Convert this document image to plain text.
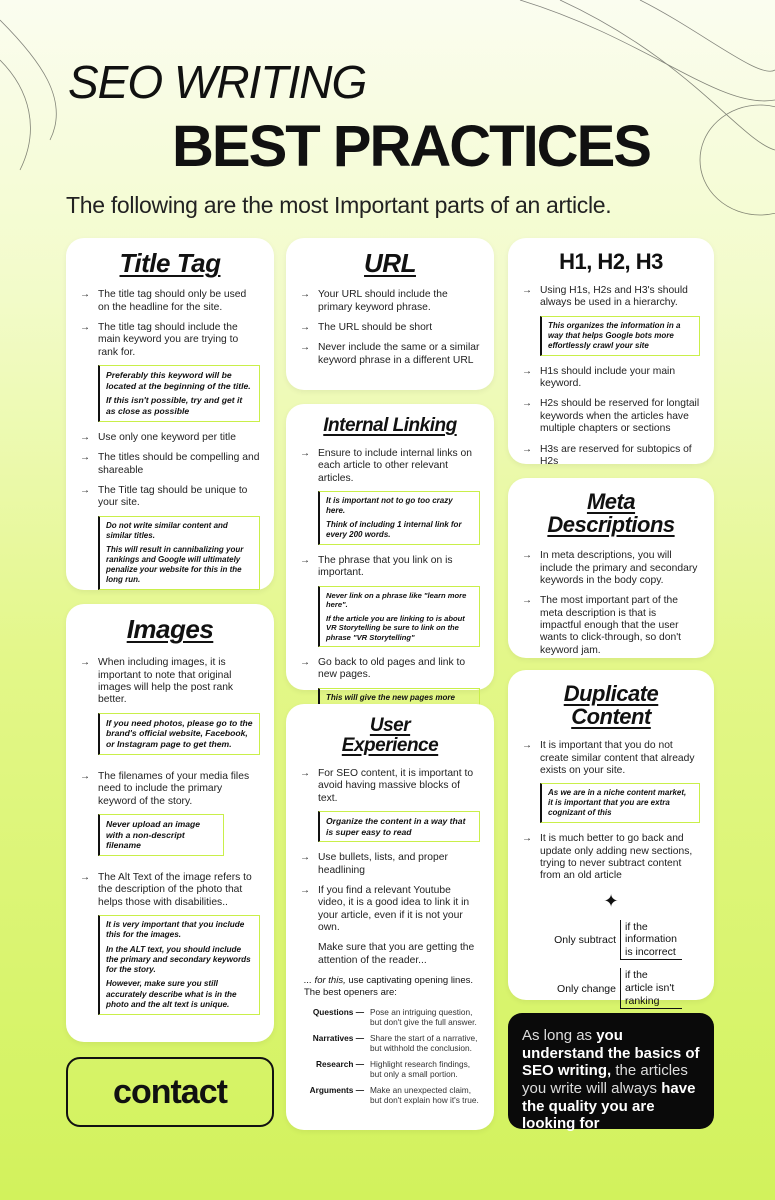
SEO WRITING
BEST PRACTICES
The following are the most Important parts of an article.
Title Tag
→ The title tag should only be used on the headline for the site.
→ The title tag should include the main keyword you are trying to rank for.

Preferably this keyword will be located at the beginning of the title.

If this isn't possible, try and get it as close as possible

→ Use only one keyword per title
→ The titles should be compelling and shareable
→ The Title tag should be unique to your site.

Do not write similar content and similar titles.

This will result in cannibalizing your rankings and Google will ultimately penalize your website for this in the long run.

URL
→ Your URL should include the primary keyword phrase.
→ The URL should be short
→ Never include the same or a similar keyword phrase in a different URL
H1, H2, H3
→ Using H1s, H2s and H3's should always be used in a hierarchy.
This organizes the information in a way that helps Google bots more effortlessly crawl your site
→ H1s should include your main keyword.
→ H2s should be reserved for longtail keywords when the articles have multiple chapters or sections
→ H3s are reserved for subtopics of H2s
Internal Linking
→ Ensure to include internal links on each article to other relevant articles.

It is important not to go too crazy here.

Think of including 1 internal link for every 200 words.

→ The phrase that you link on is important.

Never link on a phrase like "learn more here".

If the article you are linking to is about VR Storytelling be sure to link on the phrase "VR Storytelling"

→ Go back to old pages and link to new pages.
This will give the new pages more
Meta
Descriptions
→ In meta descriptions, you will include the primary and secondary keywords in the body copy.
→ The most important part of the meta description is that is impactful enough that the user wants to click-through, so don't keyword jam.
Images
→ When including images, it is important to note that original images will help the post rank better.
If you need photos, please go to the brand's official website, Facebook, or Instagram page to get them.
→ The filenames of your media files need to include the primary keyword of the story.
Never upload an image with a non-descript filename
→ The Alt Text of the image refers to the description of the photo that helps those with disabilities..

It is very important that you include this for the images.

In the ALT text, you should include the primary and secondary keywords for the story.

However, make sure you still accurately describe what is in the photo and the alt text is unique.

User
Experience
→ For SEO content, it is important to avoid having massive blocks of text.
Organize the content in a way that is super easy to read
→ Use bullets, lists, and proper headlining
→ If you find a relevant Youtube video, it is a good idea to link it in your article, even if it is not your own.
Make sure that you are getting the attention of the reader...
... for this, use captivating opening lines. The best openers are:
Questions — Pose an intriguing question, but don't give the full answer.
Narratives — Share the start of a narrative, but withhold the conclusion.
Research — Highlight research findings, but only a small portion.
Arguments — Make an unexpected claim, but don't explain how it's true.
Duplicate
Content
→ It is important that you do not create similar content that already exists on your site.
As we are in a niche content market, it is important that you are extra cognizant of this
→ It is much better to go back and update only adding new sections, trying to never subtract content from an old article
✦
Only subtract
if the information is incorrect
Only change
if the article isn't ranking
As long as you understand the basics of SEO writing, the articles you write will always have the quality you are looking for
contact
